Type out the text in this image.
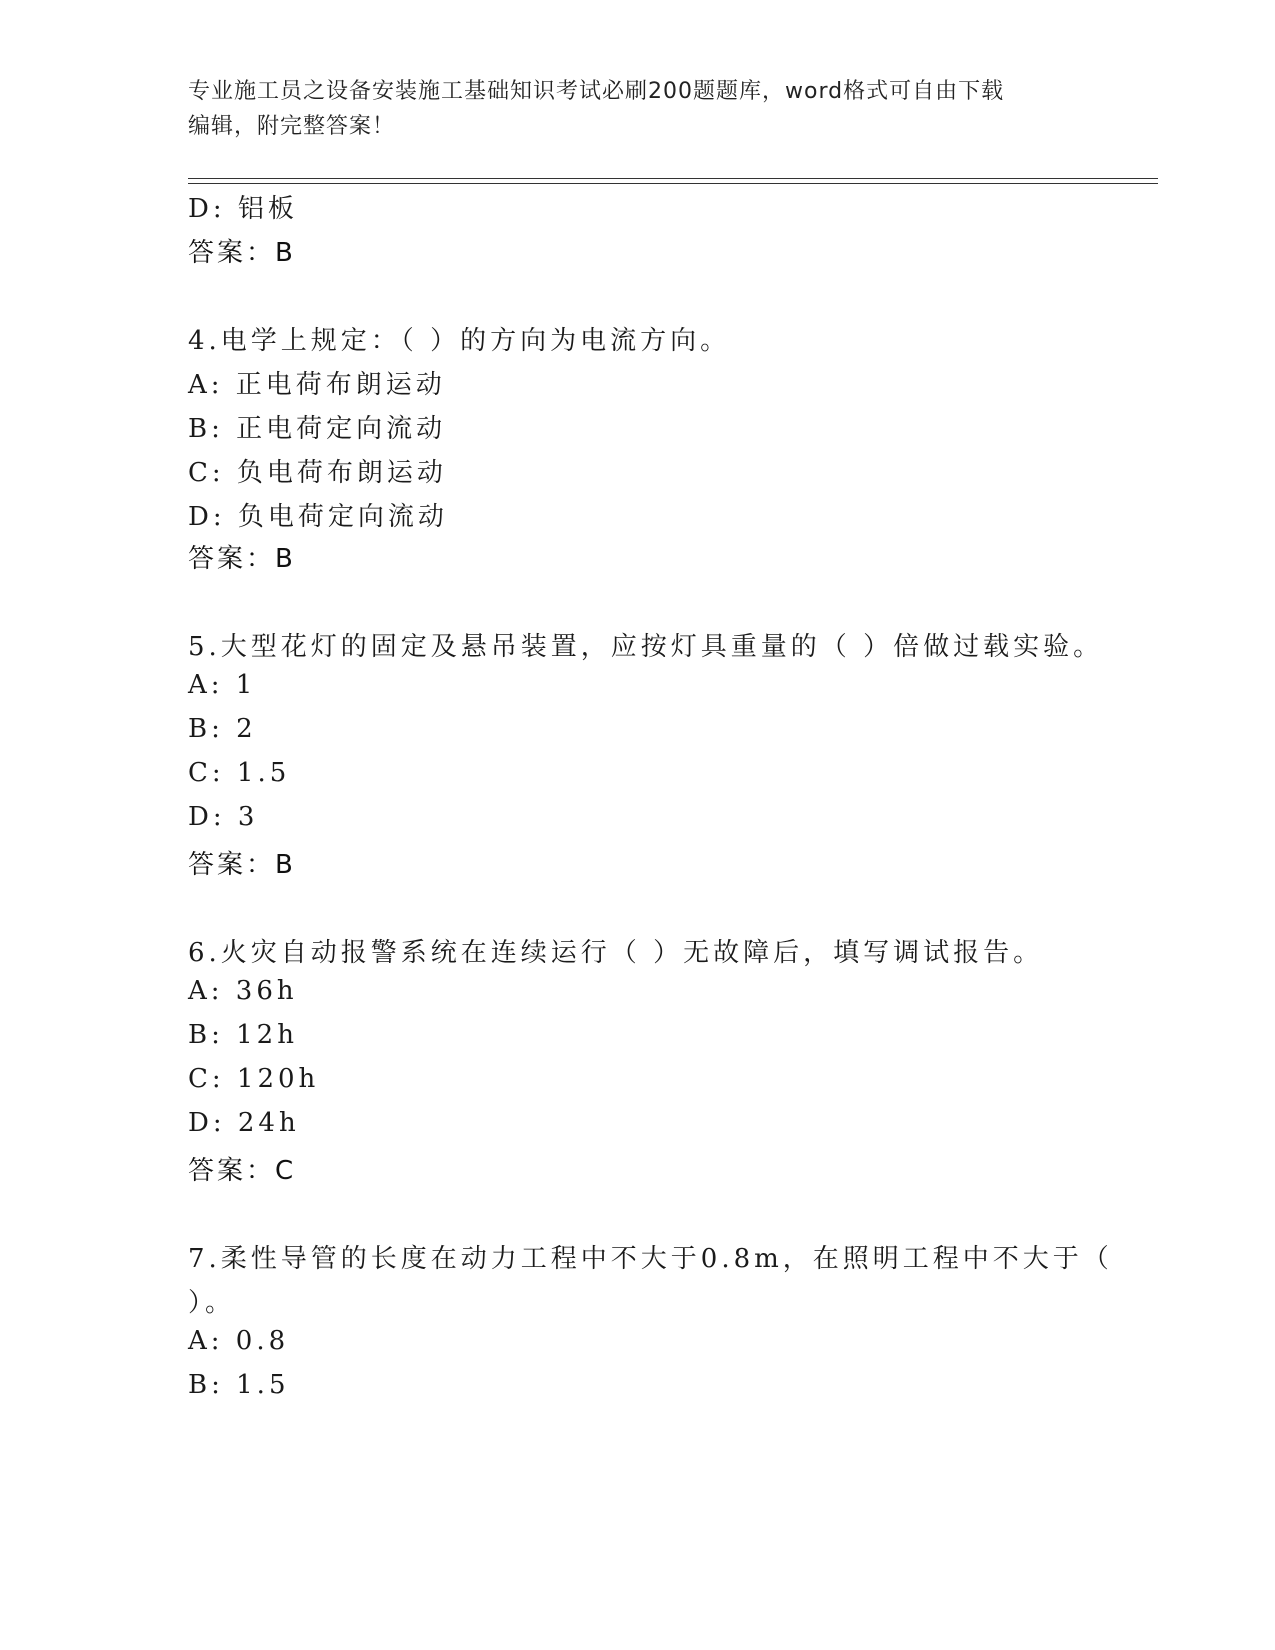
专业施工员之设备安装施工基础知识考试必刷200题题库，word格式可自由下载
编辑，附完整答案！
D: 铝板
答案：B
4.电学上规定：（ ）的方向为电流方向。
A: 正电荷布朗运动
B: 正电荷定向流动
C: 负电荷布朗运动
D: 负电荷定向流动
答案：B
5.大型花灯的固定及悬吊装置，应按灯具重量的（ ）倍做过载实验。
A: 1
B: 2
C: 1.5
D: 3
答案：B
6.火灾自动报警系统在连续运行（ ）无故障后，填写调试报告。
A: 36h
B: 12h
C: 120h
D: 24h
答案：C
7.柔性导管的长度在动力工程中不大于0.8m，在照明工程中不大于（
）。
A: 0.8
B: 1.5
